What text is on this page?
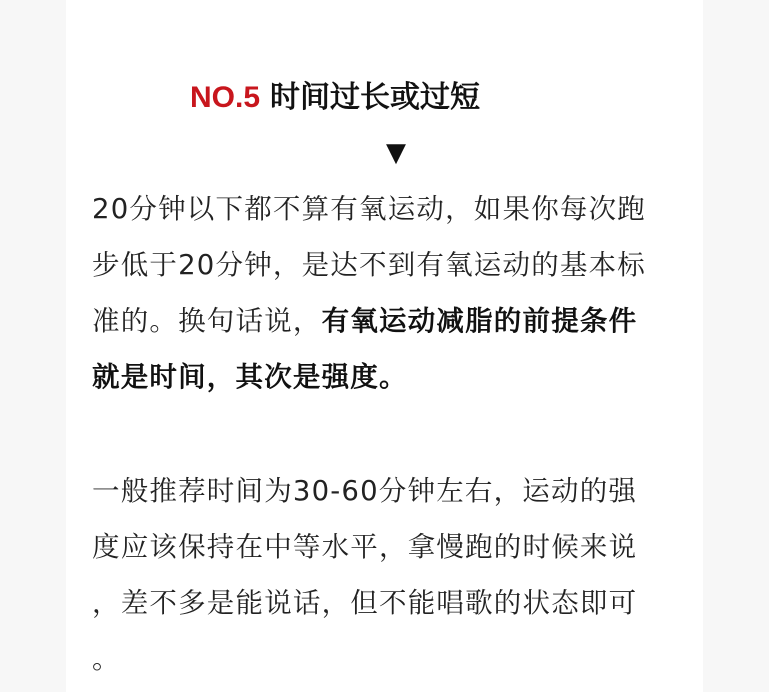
NO.5 时间过长或过短
▼
20分钟以下都不算有氧运动，如果你每次跑
步低于20分钟，是达不到有氧运动的基本标
准的。换句话说，有氧运动减脂的前提条件
就是时间，其次是强度。
一般推荐时间为30-60分钟左右，运动的强
度应该保持在中等水平，拿慢跑的时候来说
，差不多是能说话，但不能唱歌的状态即可
。
